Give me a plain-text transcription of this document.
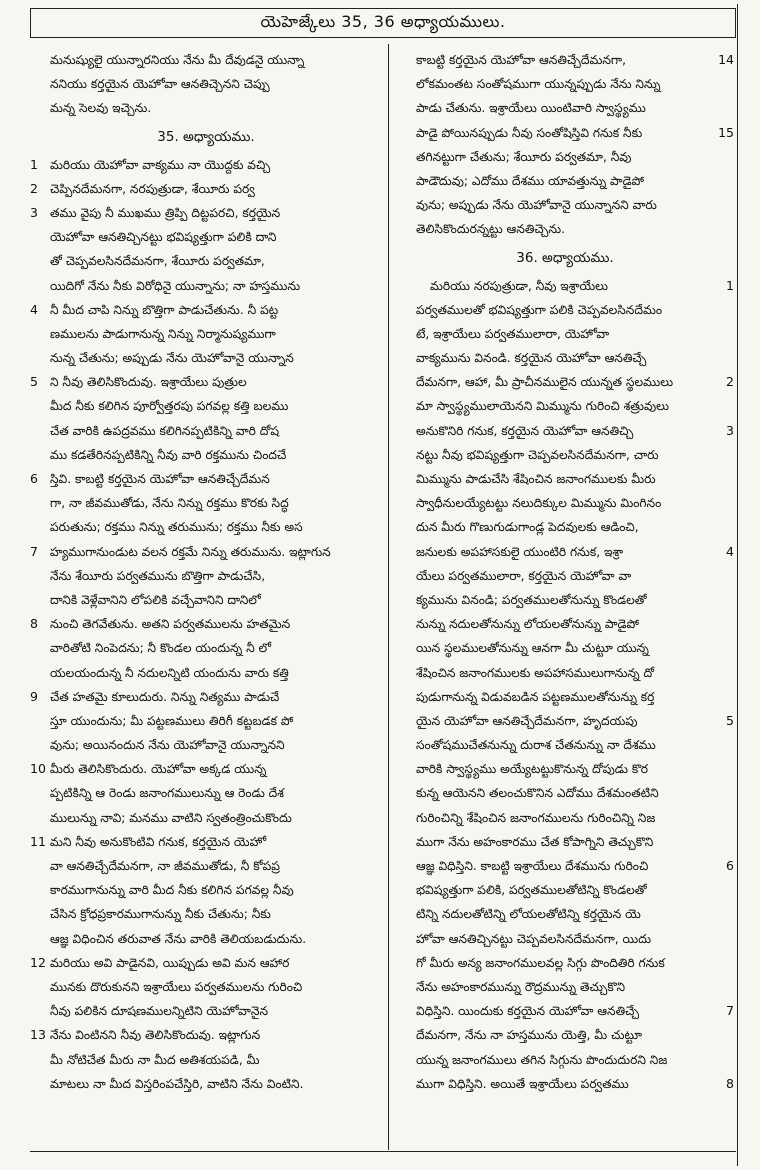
యెహెజ్కేలు 35, 36 అధ్యాయములు.
మనుష్యులై యున్నారనియు నేను మీ దేవుడనై యున్నా
ననియు కర్తయైన యెహోవా ఆనతిచ్చెనని చెప్పు
మన్న సెలవు ఇచ్చెను.
35. అధ్యాయము.
1 మరియు యెహోవా వాక్యము నా యొద్దకు వచ్చి
2 చెప్పినదేమనగా, నరపుత్రుడా, శేయీరు పర్వ
3 తము వైపు నీ ముఖము త్రిప్పి దిట్టపరచి, కర్తయైన
యెహోవా ఆనతిచ్చినట్టు భవిష్యత్తుగా పలికి దాని
తో చెప్పవలసినదేమనగా, శేయీరు పర్వతమా,
యిదిగో నేను నీకు విరోధినై యున్నాను; నా హస్తమును
4 నీ మీద చాపి నిన్ను బొత్తిగా పాడుచేతును. నీ పట్ట
ణములను పాడుగానున్న నిన్ను నిర్మానుష్యముగా
నున్న చేతును; అప్పుడు నేను యెహోవానై యున్నాన
5 ని నీవు తెలిసికొందువు. ఇశ్రాయేలు పుత్రుల
మీద నీకు కలిగిన పూర్వోత్తరపు పగవల్ల కత్తి బలము
చేత వారికి ఉపద్రవము కలిగినప్పటికిన్ని వారి దోష
ము కడతేరినప్పటికిన్ని నీవు వారి రక్తమును చిందచే
6 స్తివి. కాబట్టి కర్తయైన యెహోవా ఆనతిచ్చేదేమన
గా, నా జీవముతోడు, నేను నిన్ను రక్తము కొరకు సిద్ధ
పరుతును; రక్తము నిన్ను తరుమును; రక్తము నీకు అస
7 హ్యముగానుండుట వలన రక్తమే నిన్ను తరుమును. ఇట్లాగున
నేను శేయీరు పర్వతమును బొత్తిగా పాడుచేసి,
దానికి వెళ్లేవానిని లోపలికి వచ్చేవానిని దానిలో
8 నుంచి తెగవేతును. అతని పర్వతములను హతమైన
వారితోటి నింపెదను; నీ కొండల యందున్న నీ లో
యలయందున్న నీ నదులన్నిటి యందును వారు కత్తి
9 చేత హతమై కూలుదురు. నిన్ను నిత్యము పాడుచే
స్తూ యుందును; మీ పట్టణములు తిరిగీ కట్టబడక పో
వును; అయినందున నేను యెహోవానై యున్నానని
10 మీరు తెలిసికొందురు. యెహోవా అక్కడ యున్న
ప్పటికిన్ని ఆ రెండు జనాంగములున్ను ఆ రెండు దేశ
ములున్ను నావి; మనము వాటిని స్వతంత్రించుకొందు
11 మని నీవు అనుకొంటివి గనుక, కర్తయైన యెహో
వా ఆనతిచ్చేదేమనగా, నా జీవముతోడు, నీ కోపప్ర
కారముగానున్ను వారి మీద నీకు కలిగిన పగవల్ల నీవు
చేసిన క్రోధప్రకారముగానున్ను నీకు చేతును; నీకు
ఆజ్ఞ విధించిన తరువాత నేను వారికి తెలియబడుదును.
12 మరియు అవి పాడైనవి, యిప్పుడు అవి మన ఆహార
మునకు దొరుకునని ఇశ్రాయేలు పర్వతములను గురించి
నీవు పలికిన దూషణములన్నిటిని యెహోవానైన
13 నేను వింటినని నీవు తెలిసికొందువు. ఇట్లాగున
మీ నోటిచేత మీరు నా మీద అతిశయపడి, మీ
మాటలు నా మీద విస్తరింపచేస్తిరి, వాటిని నేను వింటిని.
14
కాబట్టి కర్తయైన యెహోవా ఆనతిచ్చేదేమనగా,
లోకమంతట సంతోషముగా యున్నప్పుడు నేను నిన్ను
పాడు చేతును. ఇశ్రాయేలు యింటివారి స్వాస్థ్యము
15
పాడై పోయినప్పుడు నీవు సంతోషిస్తివి గనుక నీకు
తగినట్టుగా చేతును; శేయీరు పర్వతమా, నీవు
పాడౌదువు; ఎదోము దేశము యావత్తున్ను పాడైపో
వును; అప్పుడు నేను యెహోవానై యున్నానని వారు
తెలిసికొందురన్నట్టు ఆనతిచ్చెను.
36. అధ్యాయము.
1
మరియు నరపుత్రుడా, నీవు ఇశ్రాయేలు
పర్వతములతో భవిష్యత్తుగా పలికి చెప్పవలసినదేమం
టే, ఇశ్రాయేలు పర్వతములారా, యెహోవా
వాక్యమును వినండి. కర్తయైన యెహోవా ఆనతిచ్చే
2
దేమనగా, ఆహా, మీ ప్రాచీనములైన యున్నత స్థలములు
మా స్వాస్థ్యములాయెనని మిమ్మును గురించి శత్రువులు
3
అనుకొనిరి గనుక, కర్తయైన యెహోవా ఆనతిచ్చి
నట్టు నీవు భవిష్యత్తుగా చెప్పవలసినదేమనగా, చారు
మిమ్మును పాడుచేసి శేషించిన జనాంగములకు మీరు
స్వాధీనులయ్యేటట్టు నలుదిక్కుల మిమ్మును మింగినం
దున మీరు గొణుగుడుగాండ్ల పెదవులకు ఆడించి,
4
జనులకు అపహాసకులై యుంటిరి గనుక, ఇశ్రా
యేలు పర్వతములారా, కర్తయైన యెహోవా వా
క్యమును వినండి; పర్వతములతోనున్ను కొండలతో
నున్ను నదులతోనున్ను లోయలతోనున్ను పాడైపో
యిన స్థలములతోనున్ను ఆనగా మీ చుట్టూ యున్న
శేషించిన జనాంగములకు అపహాసములుగానున్న దో
పుడుగానున్న విడువబడిన పట్టణములతోనున్ను కర్త
5
యైన యెహోవా ఆనతిచ్చేదేమనగా, హృదయపు
సంతోషముచేతనున్ను దురాశ చేతనున్ను నా దేశము
వారికి స్వాస్థ్యము అయ్యేటట్టుకొనున్న దోపుడు కొర
కున్న ఆయెనని తలంచుకొనిన ఎదోము దేశమంతటిని
గురించిన్ని శేషించిన జనాంగములను గురించిన్ని నిజ
ముగా నేను అహంకారము చేత కోపాగ్నిని తెచ్చుకొని
6
ఆజ్ఞ విధిస్తిని. కాబట్టి ఇశ్రాయేలు దేశమును గురించి
భవిష్యత్తుగా పలికి, పర్వతములతోటిన్ని కొండలతో
టిన్ని నదులతోటిన్ని లోయలతోటిన్ని కర్తయైన యె
హోవా ఆనతిచ్చినట్టు చెప్పవలసినదేమనగా, యిదు
గో మీరు అన్య జనాంగములవల్ల సిగ్గు పొందితిరి గనుక
నేను అహంకారమున్ను రౌద్రమున్ను తెచ్చుకొని
7
విధిస్తిని. యిందుకు కర్తయైన యెహోవా ఆనతిచ్చే
దేమనగా, నేను నా హస్తమును యెత్తి, మీ చుట్టూ
యున్న జనాంగములు తగిన సిగ్గును పొందుదురని నిజ
8
ముగా విధిస్తిని. అయితే ఇశ్రాయేలు పర్వతము
